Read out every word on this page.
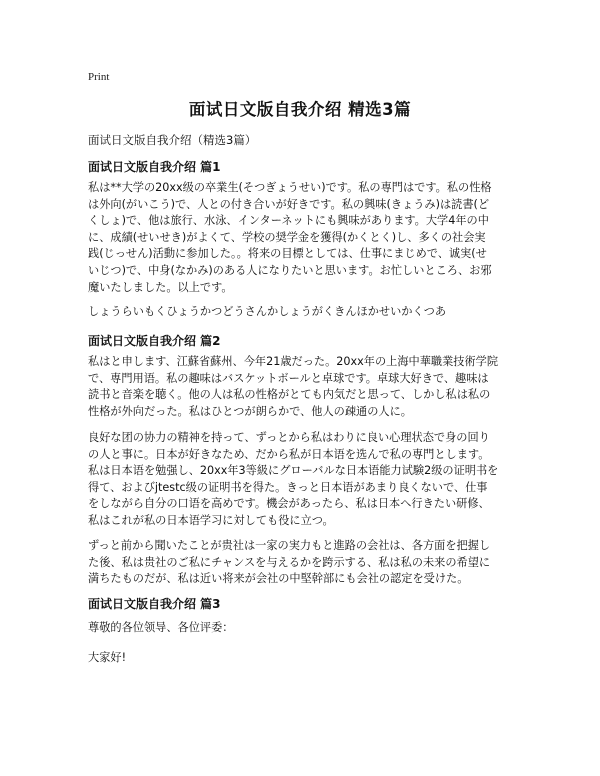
Print
面试日文版自我介绍 精选3篇
面试日文版自我介绍（精选3篇）
面试日文版自我介绍 篇1
私は**大学の20xx级の卒業生(そつぎょうせい)です。私の専門はです。私の性格
は外向(がいこう)で、人との付き合いが好きです。私の興味(きょうみ)は読書(ど
くしょ)で、他は旅行、水泳、インターネットにも興味があります。大学4年の中
に、成績(せいせき)がよくて、学校の奨学金を獲得(かくとく)し、多くの社会実
践(じっせん)活動に参加した。。将来の目標としては、仕事にまじめで、诚実(せ
いじつ)で、中身(なかみ)のある人になりたいと思います。お忙しいところ、お邪
魔いたしました。以上です。
しょうらいもくひょうかつどうさんかしょうがくきんほかせいかくつあ
面试日文版自我介绍 篇2
私はと申します、江蘇省蘇州、今年21歳だった。20xx年の上海中華職業技術学院
で、専門用语。私の趣味はバスケットボールと卓球です。卓球大好きで、趣味は
読书と音楽を聴く。他の人は私の性格がとても内気だと思って、しかし私は私の
性格が外向だった。私はひとつが朗らかで、他人の疎通の人に。
良好な团の协力の精神を持って、ずっとから私はわりに良い心理状态で身の回り
の人と事に。日本が好きなため、だから私が日本语を选んで私の専門とします。
私は日本语を勉强し、20xx年3等級にグローバルな日本语能力试験2级の证明书を
得て、およびjtestc级の证明书を得た。きっと日本语があまり良くないで、仕事
をしながら自分の口语を高めです。機会があったら、私は日本へ行きたい研修、
私はこれが私の日本语学习に対しても役に立つ。
ずっと前から聞いたことが贵社は一家の実力もと進路の会社は、各方面を把握し
た後、私は贵社のご私にチャンスを与えるかを跨示する、私は私の未来の希望に
満ちたものだが、私は近い将来が会社の中堅幹部にも会社の認定を受けた。
面试日文版自我介绍 篇3
尊敬的各位领导、各位评委：
大家好!
